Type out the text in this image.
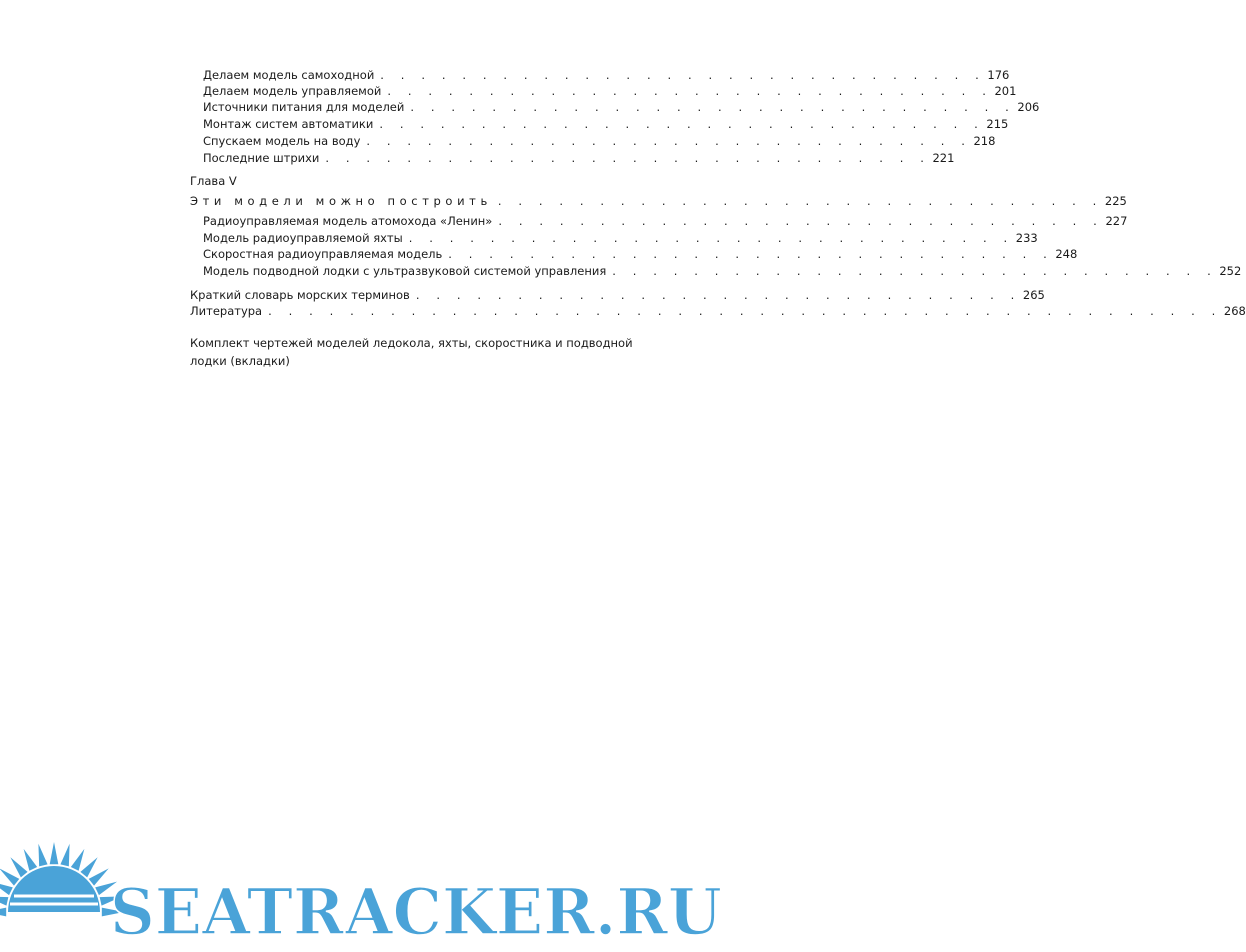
Делаем модель самоходной . . . . . . . . . . . . . . . . . . . . . . . . . . . . . . 176
Делаем модель управляемой . . . . . . . . . . . . . . . . . . . . . . . . . . . . . . 201
Источники питания для моделей . . . . . . . . . . . . . . . . . . . . . . . . . . . . . . 206
Монтаж систем автоматики . . . . . . . . . . . . . . . . . . . . . . . . . . . . . . 215
Спускаем модель на воду . . . . . . . . . . . . . . . . . . . . . . . . . . . . . . 218
Последние штрихи . . . . . . . . . . . . . . . . . . . . . . . . . . . . . . 221
Глава V
Эти модели можно построить . . . . . . . . . . . . . . . . . . . . . . . . . . . . . . 225
Радиоуправляемая модель атомохода «Ленин» . . . . . . . . . . . . . . . . . . . . . . . . . . . . . . 227
Модель радиоуправляемой яхты . . . . . . . . . . . . . . . . . . . . . . . . . . . . . . 233
Скоростная радиоуправляемая модель . . . . . . . . . . . . . . . . . . . . . . . . . . . . . . 248
Модель подводной лодки с ультразвуковой системой управления . . . . . . . . . . . . . . . . . . . . . . . . . . . . . . 252
Краткий словарь морских терминов . . . . . . . . . . . . . . . . . . . . . . . . . . . . . . 265
Литература . . . . . . . . . . . . . . . . . . . . . . . . . . . . . . . . . . . . . . . . . . . . . . . 268
Комплект чертежей моделей ледокола, яхты, скоростника и подводной лодки (вкладки)
SEATRACKER.RU
